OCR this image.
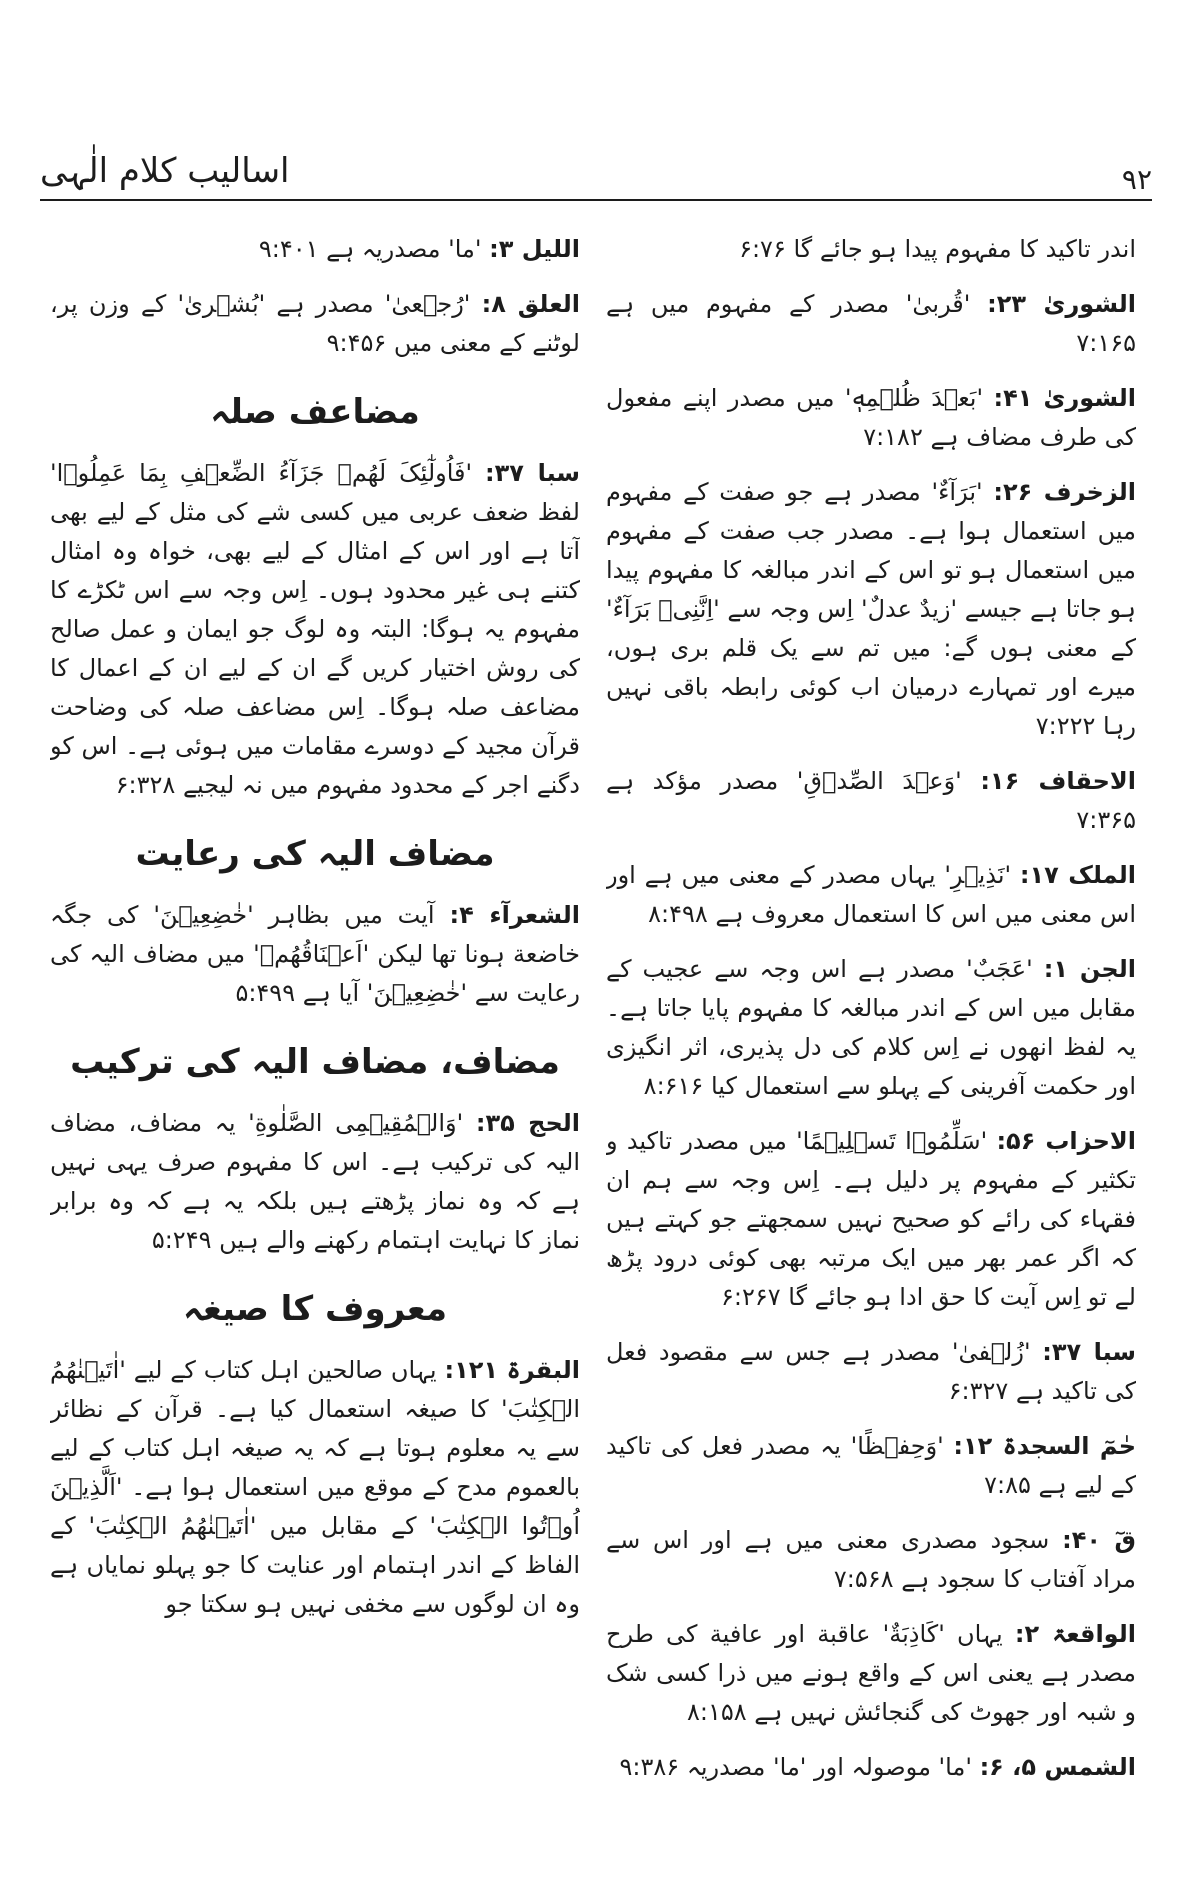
اسالیب کلام الٰہی	۹۲

اندر تاکید کا مفہوم پیدا ہو جائے گا ۶:۷۶

الشوریٰ ۲۳: 'قُربیٰ' مصدر کے مفہوم میں ہے ۷:۱۶۵

الشوریٰ ۴۱: 'بَعۡدَ ظُلۡمِهٖ' میں مصدر اپنے مفعول کی طرف مضاف ہے ۷:۱۸۲

الزخرف ۲۶: 'بَرَآءٌ' مصدر ہے جو صفت کے مفہوم میں استعمال ہوا ہے۔ مصدر جب صفت کے مفہوم میں استعمال ہو تو اس کے اندر مبالغہ کا مفہوم پیدا ہو جاتا ہے جیسے 'زیدٌ عدلٌ' اِس وجہ سے 'اِنَّنِیۡ بَرَآءٌ' کے معنی ہوں گے: میں تم سے یک قلم بری ہوں، میرے اور تمہارے درمیان اب کوئی رابطہ باقی نہیں رہا ۷:۲۲۲

الاحقاف ۱۶: 'وَعۡدَ الصِّدۡقِ' مصدر مؤکد ہے ۷:۳۶۵

الملک ۱۷: 'نَذِیۡرِ' یہاں مصدر کے معنی میں ہے اور اس معنی میں اس کا استعمال معروف ہے ۸:۴۹۸

الجن ۱: 'عَجَبٌ' مصدر ہے اس وجہ سے عجیب کے مقابل میں اس کے اندر مبالغہ کا مفہوم پایا جاتا ہے۔ یہ لفظ انھوں نے اِس کلام کی دل پذیری، اثر انگیزی اور حکمت آفرینی کے پہلو سے استعمال کیا ۸:۶۱۶

الاحزاب ۵۶: 'سَلِّمُوۡا تَسۡلِیۡمًا' میں مصدر تاکید و تکثیر کے مفہوم پر دلیل ہے۔ اِس وجہ سے ہم ان فقہاء کی رائے کو صحیح نہیں سمجھتے جو کہتے ہیں کہ اگر عمر بھر میں ایک مرتبہ بھی کوئی درود پڑھ لے تو اِس آیت کا حق ادا ہو جائے گا ۶:۲۶۷

سبا ۳۷: 'زُلۡفیٰ' مصدر ہے جس سے مقصود فعل کی تاکید ہے ۶:۳۲۷

حٰمٓ السجدۃ ۱۲: 'وَحِفۡظًا' یہ مصدر فعل کی تاکید کے لیے ہے ۷:۸۵

قٓ ۴۰: سجود مصدری معنی میں ہے اور اس سے مراد آفتاب کا سجود ہے ۷:۵۶۸

الواقعۃ ۲: یہاں 'کَاذِبَةٌ' عاقبة اور عافية کی طرح مصدر ہے یعنی اس کے واقع ہونے میں ذرا کسی شک و شبہ اور جھوٹ کی گنجائش نہیں ہے ۸:۱۵۸

الشمس ۵، ۶: 'ما' موصولہ اور 'ما' مصدریہ ۹:۳۸۶

اللیل ۳: 'ما' مصدریہ ہے ۹:۴۰۱

العلق ۸: 'رُجۡعیٰ' مصدر ہے 'بُشۡریٰ' کے وزن پر، لوٹنے کے معنی میں ۹:۴۵۶

مضاعف صلہ

سبا ۳۷: 'فَاُولٰٓئِکَ لَهُمۡ جَزَآءُ الضِّعۡفِ بِمَا عَمِلُوۡا' لفظ ضعف عربی میں کسی شے کی مثل کے لیے بھی آتا ہے اور اس کے امثال کے لیے بھی، خواہ وہ امثال کتنے ہی غیر محدود ہوں۔ اِس وجہ سے اس ٹکڑے کا مفہوم یہ ہوگا: البتہ وہ لوگ جو ایمان و عمل صالح کی روش اختیار کریں گے ان کے لیے ان کے اعمال کا مضاعف صلہ ہوگا۔ اِس مضاعف صلہ کی وضاحت قرآن مجید کے دوسرے مقامات میں ہوئی ہے۔ اس کو دگنے اجر کے محدود مفہوم میں نہ لیجیے ۶:۳۲۸

مضاف الیہ کی رعایت

الشعرآء ۴: آیت میں بظاہر 'خٰضِعِیۡنَ' کی جگہ خاضعة ہونا تھا لیکن 'اَعۡنَاقُهُمۡ' میں مضاف الیہ کی رعایت سے 'خٰضِعِیۡنَ' آیا ہے ۵:۴۹۹

مضاف، مضاف الیہ کی ترکیب

الحج ۳۵: 'وَالۡمُقِیۡمِی الصَّلٰوةِ' یہ مضاف، مضاف الیہ کی ترکیب ہے۔ اس کا مفہوم صرف یہی نہیں ہے کہ وہ نماز پڑھتے ہیں بلکہ یہ ہے کہ وہ برابر نماز کا نہایت اہتمام رکھنے والے ہیں ۵:۲۴۹

معروف کا صیغہ

البقرۃ ۱۲۱: یہاں صالحین اہل کتاب کے لیے 'اٰتَیۡنٰهُمُ الۡکِتٰبَ' کا صیغہ استعمال کیا ہے۔ قرآن کے نظائر سے یہ معلوم ہوتا ہے کہ یہ صیغہ اہل کتاب کے لیے بالعموم مدح کے موقع میں استعمال ہوا ہے۔ 'اَلَّذِیۡنَ اُوۡتُوا الۡکِتٰبَ' کے مقابل میں 'اٰتَیۡنٰهُمُ الۡکِتٰبَ' کے الفاظ کے اندر اہتمام اور عنایت کا جو پہلو نمایاں ہے وہ ان لوگوں سے مخفی نہیں ہو سکتا جو
